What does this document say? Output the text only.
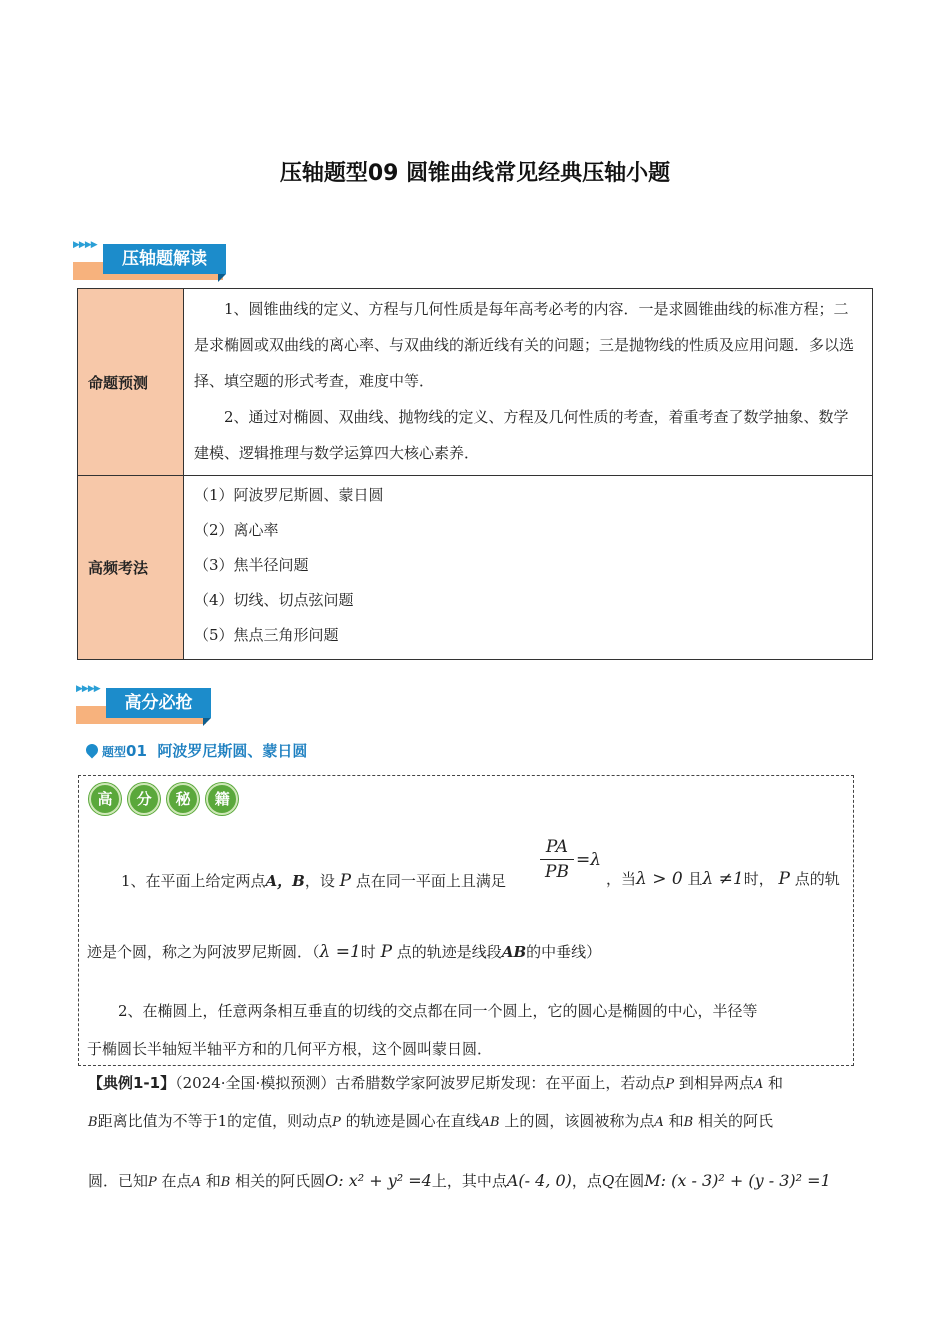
压轴题型09 圆锥曲线常见经典压轴小题
▶▶▶▶
压轴题解读
命题预测	1、圆锥曲线的定义、方程与几何性质是每年高考必考的内容．一是求圆锥曲线的标准方程；二是求椭圆或双曲线的离心率、与双曲线的渐近线有关的问题；三是抛物线的性质及应用问题．多以选择、填空题的形式考查，难度中等．

2、通过对椭圆、双曲线、抛物线的定义、方程及几何性质的考查，着重考查了数学抽象、数学建模、逻辑推理与数学运算四大核心素养．

高频考法	（1）阿波罗尼斯圆、蒙日圆
（2）离心率
（3）焦半径问题
（4）切线、切点弦问题
（5）焦点三角形问题
▶▶▶▶
高分必抢
题型01 阿波罗尼斯圆、蒙日圆
高 分 秘 籍
PA
PB
=λ
1、在平面上给定两点A，B，设 P 点在同一平面上且满足	，当λ > 0 且λ ≠1时， P 点的轨
迹是个圆，称之为阿波罗尼斯圆．（λ =1时 P 点的轨迹是线段AB的中垂线）
2、在椭圆上，任意两条相互垂直的切线的交点都在同一个圆上，它的圆心是椭圆的中心，半径等
于椭圆长半轴短半轴平方和的几何平方根，这个圆叫蒙日圆．
【典例1-1】（2024·全国·模拟预测）古希腊数学家阿波罗尼斯发现：在平面上，若动点P 到相异两点A 和
B距离比值为不等于1的定值，则动点P 的轨迹是圆心在直线AB 上的圆，该圆被称为点A 和B 相关的阿氏
圆．已知P 在点A 和B 相关的阿氏圆O: x² + y² =4上，其中点A(- 4, 0)，点Q在圆M: (x - 3)² + (y - 3)² =1
